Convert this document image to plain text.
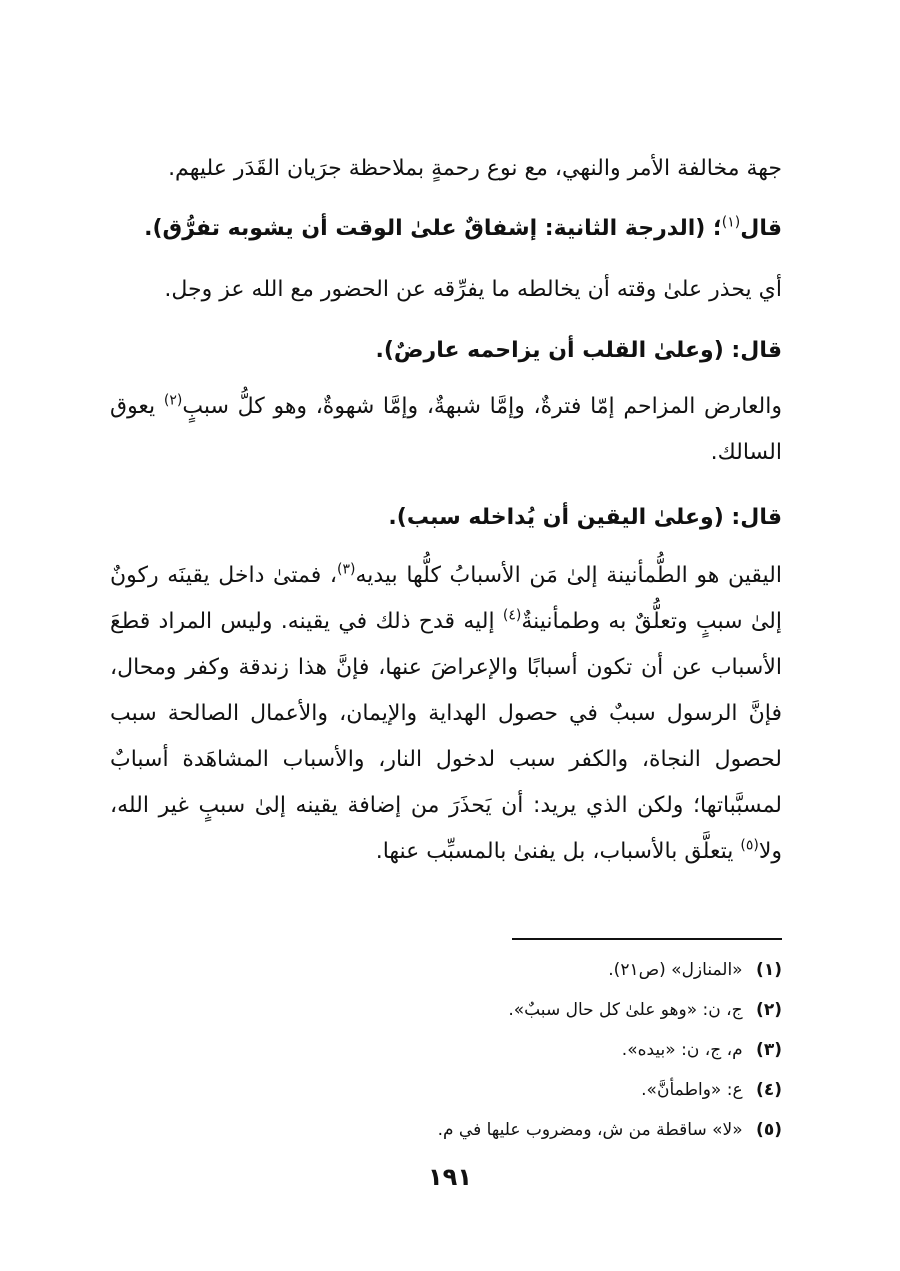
جهة مخالفة الأمر والنهي، مع نوع رحمةٍ بملاحظة جرَيان القَدَر عليهم.

قال$^{(١)}$؛ (الدرجة الثانية: إشفاقٌ علىٰ الوقت أن يشوبه تفرُّق).

أي يحذر علىٰ وقته أن يخالطه ما يفرِّقه عن الحضور مع الله عز وجل.

قال: (وعلىٰ القلب أن يزاحمه عارضٌ).

والعارض المزاحم إمّا فترةٌ، وإمَّا شبهةٌ، وإمَّا شهوةٌ، وهو كلُّ سببٍ$^{(٢)}$ يعوق السالك.

قال: (وعلىٰ اليقين أن يُداخله سبب).

اليقين هو الطُّمأنينة إلىٰ مَن الأسبابُ كلُّها بيديه$^{(٣)}$، فمتىٰ داخل يقينَه ركونٌ إلىٰ سببٍ وتعلُّقٌ به وطمأنينةٌ$^{(٤)}$ إليه قدح ذلك في يقينه. وليس المراد قطعَ الأسباب عن أن تكون أسبابًا والإعراضَ عنها، فإنَّ هذا زندقة وكفر ومحال، فإنَّ الرسول سببٌ في حصول الهداية والإيمان، والأعمال الصالحة سبب لحصول النجاة، والكفر سبب لدخول النار، والأسباب المشاهَدة أسبابٌ لمسبَّباتها؛ ولكن الذي يريد: أن يَحذَرَ من إضافة يقينه إلىٰ سببٍ غير الله، ولا$^{(٥)}$ يتعلَّق بالأسباب، بل يفنىٰ بالمسبِّب عنها.

(١) «المنازل» (ص٢١).
(٢) ج، ن: «وهو علىٰ كل حال سببٌ».
(٣) م، ج، ن: «بيده».
(٤) ع: «واطمأنَّ».
(٥) «لا» ساقطة من ش، ومضروب عليها في م.
١٩١
